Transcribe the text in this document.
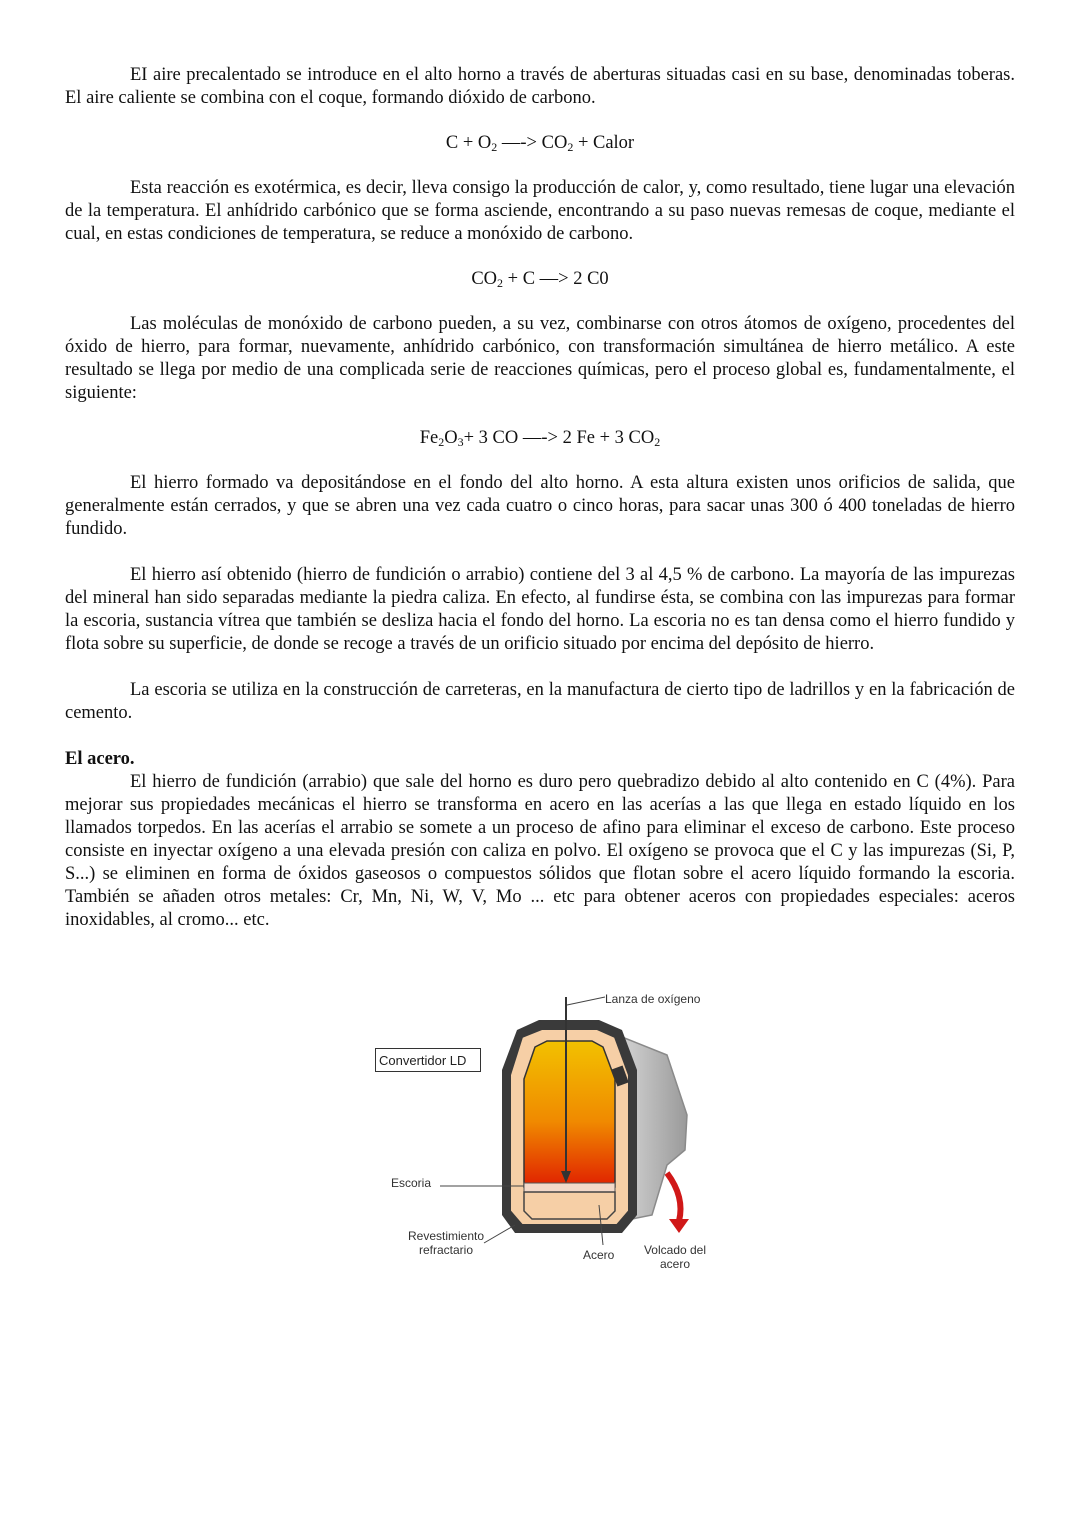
EI aire precalentado se introduce en el alto horno a través de aberturas situadas casi en su base, denominadas toberas. El aire caliente se combina con el coque, formando dióxido de carbono.

$C + O_2$ —-> $CO_2$ + Calor

Esta reacción es exotérmica, es decir, lleva consigo la producción de calor, y, como resultado, tiene lugar una elevación de la temperatura. El anhídrido carbónico que se forma asciende, encontrando a su paso nuevas remesas de coque, mediante el cual, en estas condiciones de temperatura, se reduce a monóxido de carbono.

$CO_2 + C$ —> 2 C0

Las moléculas de monóxido de carbono pueden, a su vez, combinarse con otros átomos de oxígeno, procedentes del óxido de hierro, para formar, nuevamente, anhídrido carbónico, con transformación simultánea de hierro metálico. A este resultado se llega por medio de una complicada serie de reacciones químicas, pero el proceso global es, fundamentalmente, el siguiente:

$Fe_2O_3+ 3$ CO —-> 2 Fe + 3 $CO_2$

El hierro formado va depositándose en el fondo del alto horno. A esta altura existen unos orificios de salida, que generalmente están cerrados, y que se abren una vez cada cuatro o cinco horas, para sacar unas 300 ó 400 toneladas de hierro fundido.

El hierro así obtenido (hierro de fundición o arrabio) contiene del 3 al 4,5 % de carbono. La mayoría de las impurezas del mineral han sido separadas mediante la piedra caliza. En efecto, al fundirse ésta, se combina con las impurezas para formar la escoria, sustancia vítrea que también se desliza hacia el fondo del horno. La escoria no es tan densa como el hierro fundido y flota sobre su superficie, de donde se recoge a través de un orificio situado por encima del depósito de hierro.

La escoria se utiliza en la construcción de carreteras, en la manufactura de cierto tipo de ladrillos y en la fabricación de cemento.

El acero.

El hierro de fundición (arrabio) que sale del horno es duro pero quebradizo debido al alto contenido en C (4%). Para mejorar sus propiedades mecánicas el hierro se transforma en acero en las acerías a las que llega en estado líquido en los llamados torpedos. En las acerías el arrabio se somete a un proceso de afino para eliminar el exceso de carbono. Este proceso consiste en inyectar oxígeno a una elevada presión con caliza en polvo. El oxígeno se provoca que el C y las impurezas (Si, P, S...) se eliminen en forma de óxidos gaseosos o compuestos sólidos que flotan sobre el acero líquido formando la escoria. También se añaden otros metales: Cr, Mn, Ni, W, V, Mo ... etc para obtener aceros con propiedades especiales: aceros inoxidables, al cromo... etc.

Convertidor LD
Lanza de oxígeno
Escoria
Revestimiento
refractario	Acero	Volcado del
acero
